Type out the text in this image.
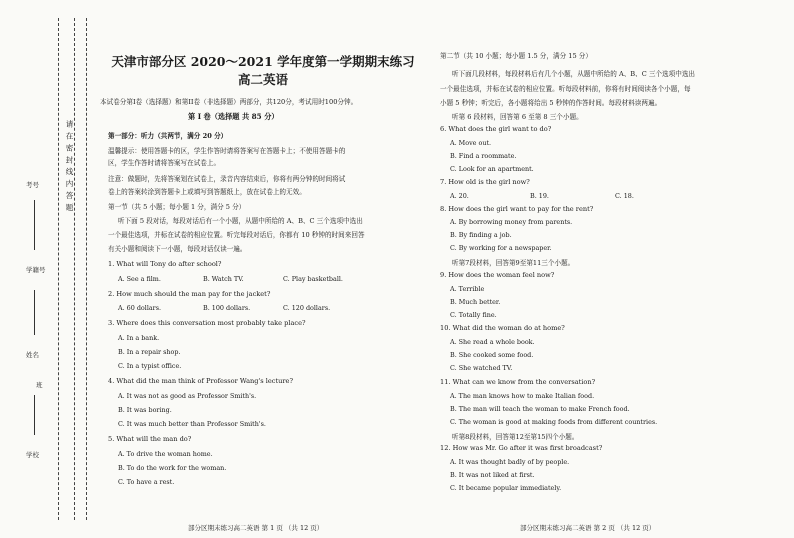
请 在 密 封 线 内 答 题
考号
学籍号
姓名
班
学校
天津市部分区 2020～2021 学年度第一学期期末练习
高二英语
本试卷分第I卷（选择题）和第II卷（非选择题）两部分，共120分，考试用时100分钟。
第 I 卷（选择题 共 85 分）
第一部分：听力（共两节，满分 20 分）
温馨提示：使用答题卡的区，学生作答时请将答案写在答题卡上；不使用答题卡的
区，学生作答时请将答案写在试卷上。
注意：做题时，先将答案划在试卷上，录音内容结束后，你将有两分钟的时间将试
卷上的答案转涂到答题卡上或填写到答题纸上，放在试卷上的无效。
第一节（共 5 小题；每小题 1 分，满分 5 分）
听下面 5 段对话，每段对话后有一个小题，从题中所给的 A、B、C 三个选项中选出
一个最佳选项，并标在试卷的相应位置。听完每段对话后，你都有 10 秒钟的时间来回答
有关小题和阅读下一小题，每段对话仅读一遍。
1. What will Tony do after school?
A. See a film.	B. Watch TV.	C. Play basketball.
2. How much should the man pay for the jacket?
A. 60 dollars.	B. 100 dollars.	C. 120 dollars.
3. Where does this conversation most probably take place?
A. In a bank.
B. In a repair shop.
C. In a typist office.
4. What did the man think of Professor Wang's lecture?
A. It was not as good as Professor Smith's.
B. It was boring.
C. It was much better than Professor Smith's.
5. What will the man do?
A. To drive the woman home.
B. To do the work for the woman.
C. To have a rest.
部分区期末练习高二英语 第 1 页 （共 12 页）
第二节（共 10 小题；每小题 1.5 分，满分 15 分）
听下面几段材料，每段材料后有几个小题，从题中所给的 A、B、C 三个选项中选出
一个最佳选项，并标在试卷的相应位置。听每段材料前，你将有时间阅读各个小题，每
小题 5 秒钟；听完后，各小题将给出 5 秒钟的作答时间。每段材料读两遍。
听第 6 段材料，回答第 6 至第 8 三个小题。
6. What does the girl want to do?
A. Move out.
B. Find a roommate.
C. Look for an apartment.
7. How old is the girl now?
A. 20.	B. 19.	C. 18.
8. How does the girl want to pay for the rent?
A. By borrowing money from parents.
B. By finding a job.
C. By working for a newspaper.
听第7段材料，回答第9至第11三个小题。
9. How does the woman feel now?
A. Terrible
B. Much better.
C. Totally fine.
10. What did the woman do at home?
A. She read a whole book.
B. She cooked some food.
C. She watched TV.
11. What can we know from the conversation?
A. The man knows how to make Italian food.
B. The man will teach the woman to make French food.
C. The woman is good at making foods from different countries.
听第8段材料，回答第12至第15四个小题。
12. How was Mr. Go after it was first broadcast?
A. It was thought badly of by people.
B. It was not liked at first.
C. It became popular immediately.
部分区期末练习高二英语 第 2 页 （共 12 页）
